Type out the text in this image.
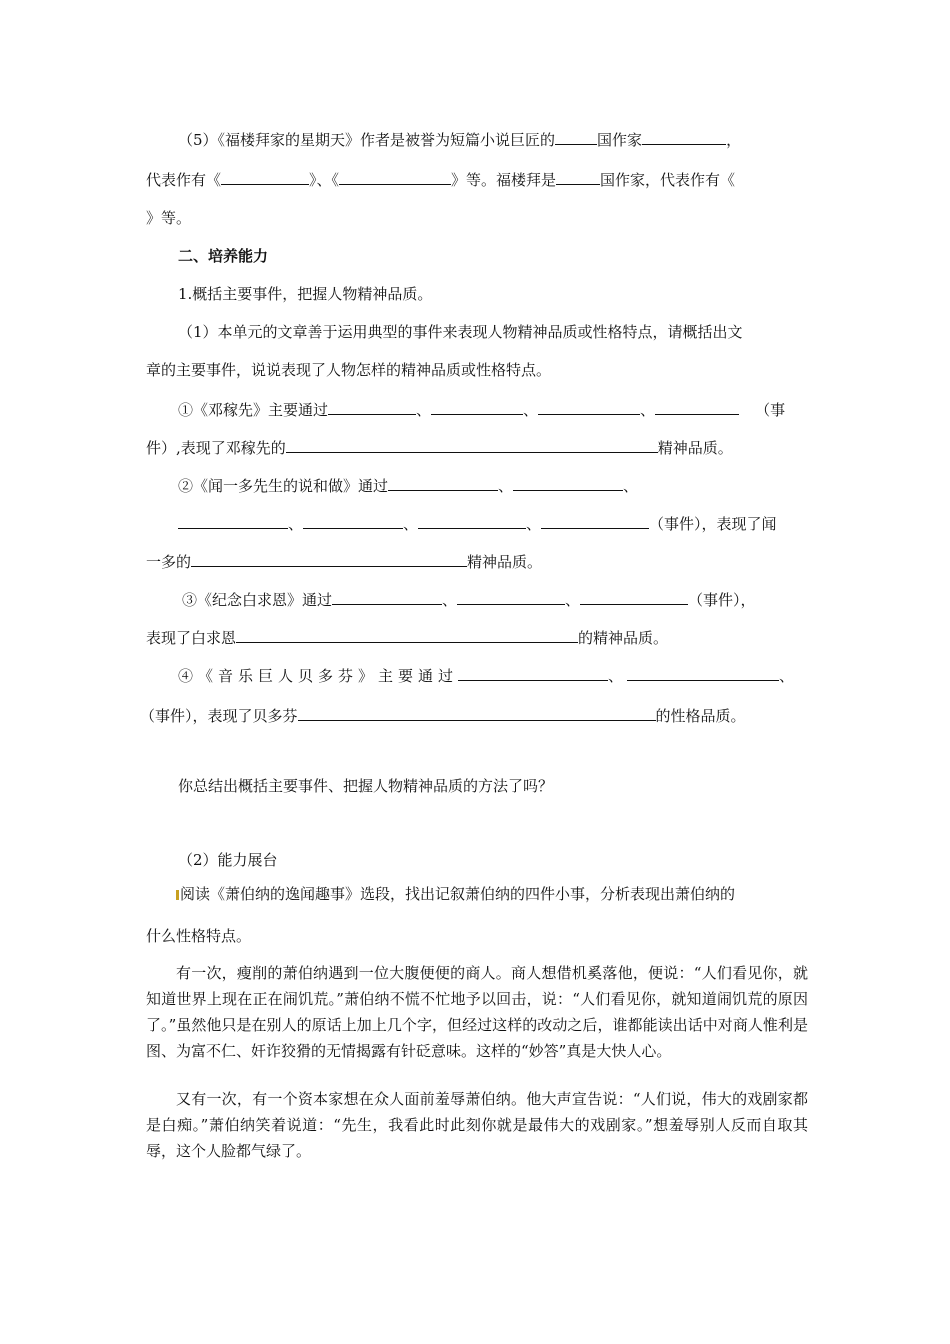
（5）《福楼拜家的星期天》作者是被誉为短篇小说巨匠的	国作家	，
代表作有《	》、《	》等。福楼拜是	国作家，代表作有《
》等。
二、培养能力
1.概括主要事件，把握人物精神品质。
（1）本单元的文章善于运用典型的事件来表现人物精神品质或性格特点，请概括出文
章的主要事件，说说表现了人物怎样的精神品质或性格特点。
①《邓稼先》主要通过	、	、	、	（事
件）,表现了邓稼先的	精神品质。
②《闻一多先生的说和做》通过	、	、
、	、	、	（事件），表现了闻
一多的	精神品质。
③《纪念白求恩》通过	、	、	（事件），
表现了白求恩	的精神品质。
④《音乐巨人贝多芬》主要通过	、	、
（事件），表现了贝多芬	的性格品质。
你总结出概括主要事件、把握人物精神品质的方法了吗？
（2）能力展台
阅读《萧伯纳的逸闻趣事》选段，找出记叙萧伯纳的四件小事，分析表现出萧伯纳的
什么性格特点。
有一次，瘦削的萧伯纳遇到一位大腹便便的商人。商人想借机奚落他，便说：“人们看见你，就知道世界上现在正在闹饥荒。”萧伯纳不慌不忙地予以回击，说：“人们看见你，就知道闹饥荒的原因了。”虽然他只是在别人的原话上加上几个字，但经过这样的改动之后，谁都能读出话中对商人惟利是图、为富不仁、奸诈狡猾的无情揭露有针砭意味。这样的“妙答”真是大快人心。
又有一次，有一个资本家想在众人面前羞辱萧伯纳。他大声宣告说：“人们说，伟大的戏剧家都是白痴。”萧伯纳笑着说道：“先生，我看此时此刻你就是最伟大的戏剧家。”想羞辱别人反而自取其辱，这个人脸都气绿了。
